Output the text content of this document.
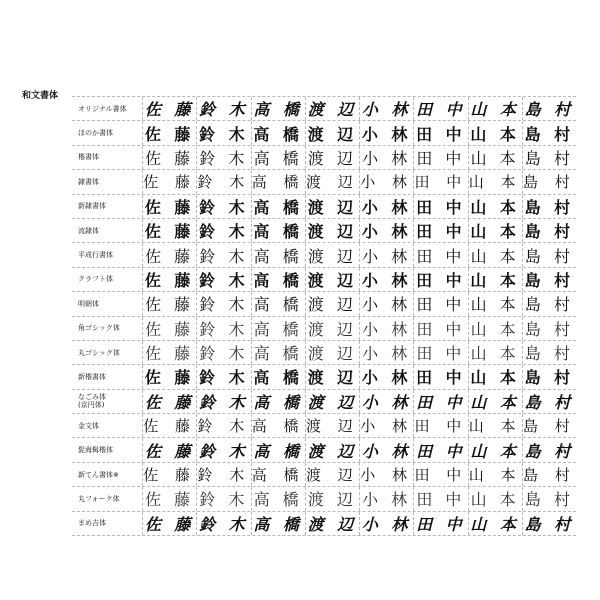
和文書体
オリジナル書体	佐 藤 鈴 木 高 橋 渡 辺 小 林 田 中 山 本 島 村
ほのか書体	佐 藤 鈴 木 高 橋 渡 辺 小 林 田 中 山 本 島 村
楷書体	佐 藤 鈴 木 高 橋 渡 辺 小 林 田 中 山 本 島 村
隷書体	佐 藤 鈴 木 高 橋 渡 辺 小 林 田 中 山 本 島 村
新隷書体	佐 藤 鈴 木 高 橋 渡 辺 小 林 田 中 山 本 島 村
流隷体	佐 藤 鈴 木 高 橋 渡 辺 小 林 田 中 山 本 島 村
平成行書体	佐 藤 鈴 木 高 橋 渡 辺 小 林 田 中 山 本 島 村
クラフト体	佐 藤 鈴 木 高 橋 渡 辺 小 林 田 中 山 本 島 村
明朝体	佐 藤 鈴 木 高 橋 渡 辺 小 林 田 中 山 本 島 村
角ゴシック体	佐 藤 鈴 木 高 橋 渡 辺 小 林 田 中 山 本 島 村
丸ゴシック体	佐 藤 鈴 木 高 橋 渡 辺 小 林 田 中 山 本 島 村
新楷書体	佐 藤 鈴 木 高 橋 渡 辺 小 林 田 中 山 本 島 村
なごみ体
(京円体)	佐 藤 鈴 木 高 橋 渡 辺 小 林 田 中 山 本 島 村
金文体	佐 藤 鈴 木 高 橋 渡 辺 小 林 田 中 山 本 島 村
髭海髯楷体	佐 藤 鈴 木 高 橋 渡 辺 小 林 田 中 山 本 島 村
新てん書体※	佐 藤 鈴 木 高 橋 渡 辺 小 林 田 中 山 本 島 村
丸フォーク体	佐 藤 鈴 木 高 橋 渡 辺 小 林 田 中 山 本 島 村
まめ吉体	佐 藤 鈴 木 高 橋 渡 辺 小 林 田 中 山 本 島 村
